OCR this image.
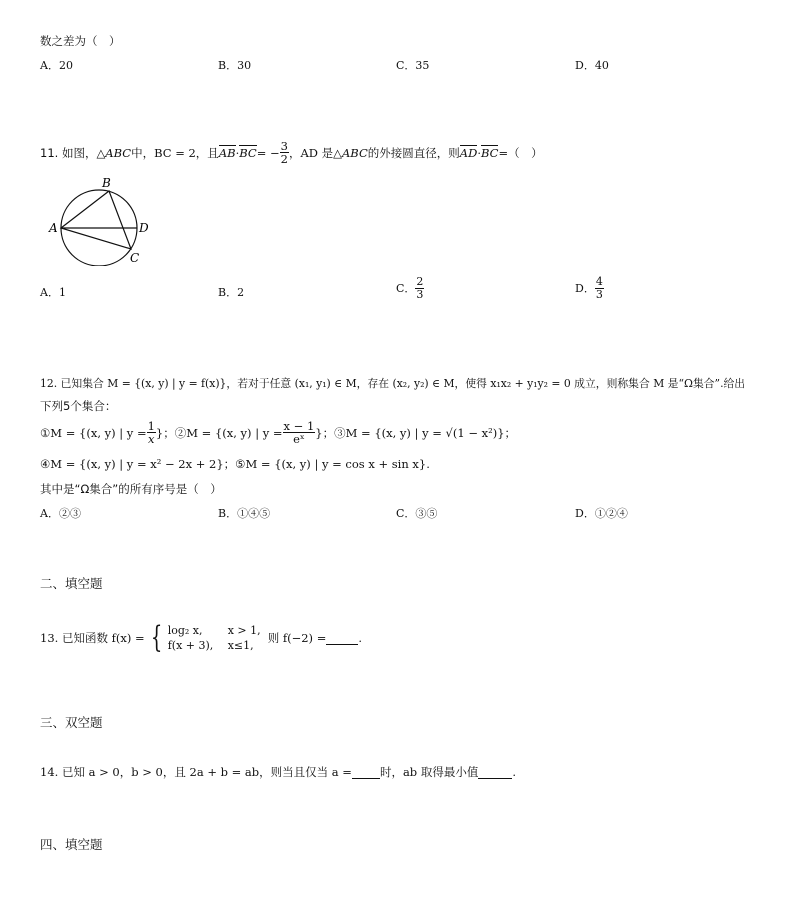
数之差为（　）
A．20	B．30	C．35	D．40
11. 如图， △ABC 中，BC = 2，且 AB · BC = − $\frac{3}{2}$ ，AD 是 △ABC 的外接圆直径，则 AD · BC =（　）
A
B
C
D
A．1	B．2	C． $\frac{2}{3}$	D． $\frac{4}{3}$
12. 已知集合 M = {(x, y) | y = f(x)}，若对于任意 (x₁, y₁) ∈ M，存在 (x₂, y₂) ∈ M，使得 x₁x₂ + y₁y₂ = 0 成立，则称集合 M 是“Ω集合”.给出
下列5个集合：
①M = {(x, y) | $y = \frac{1}{x}$ }；②M = {(x, y) | $y = \frac{x - 1}{\text{eˣ}}$ }；③M = {(x, y) | y = √(1 − x²)}；
④M = {(x, y) | y = x² − 2x + 2}；⑤M = {(x, y) | y = cos x + sin x}.
其中是“Ω集合”的所有序号是（　）
A．②③	B．①④⑤	C．③⑤	D．①②④
二、填空题
13. 已知函数 f(x) = { log₂ x,	x > 1,
f(x + 3),	x≤1,
则 f(−2) =	.
三、双空题
14. 已知 a > 0，b > 0，且 2a + b = ab，则当且仅当 a = 时，ab 取得最小值	.
四、填空题
